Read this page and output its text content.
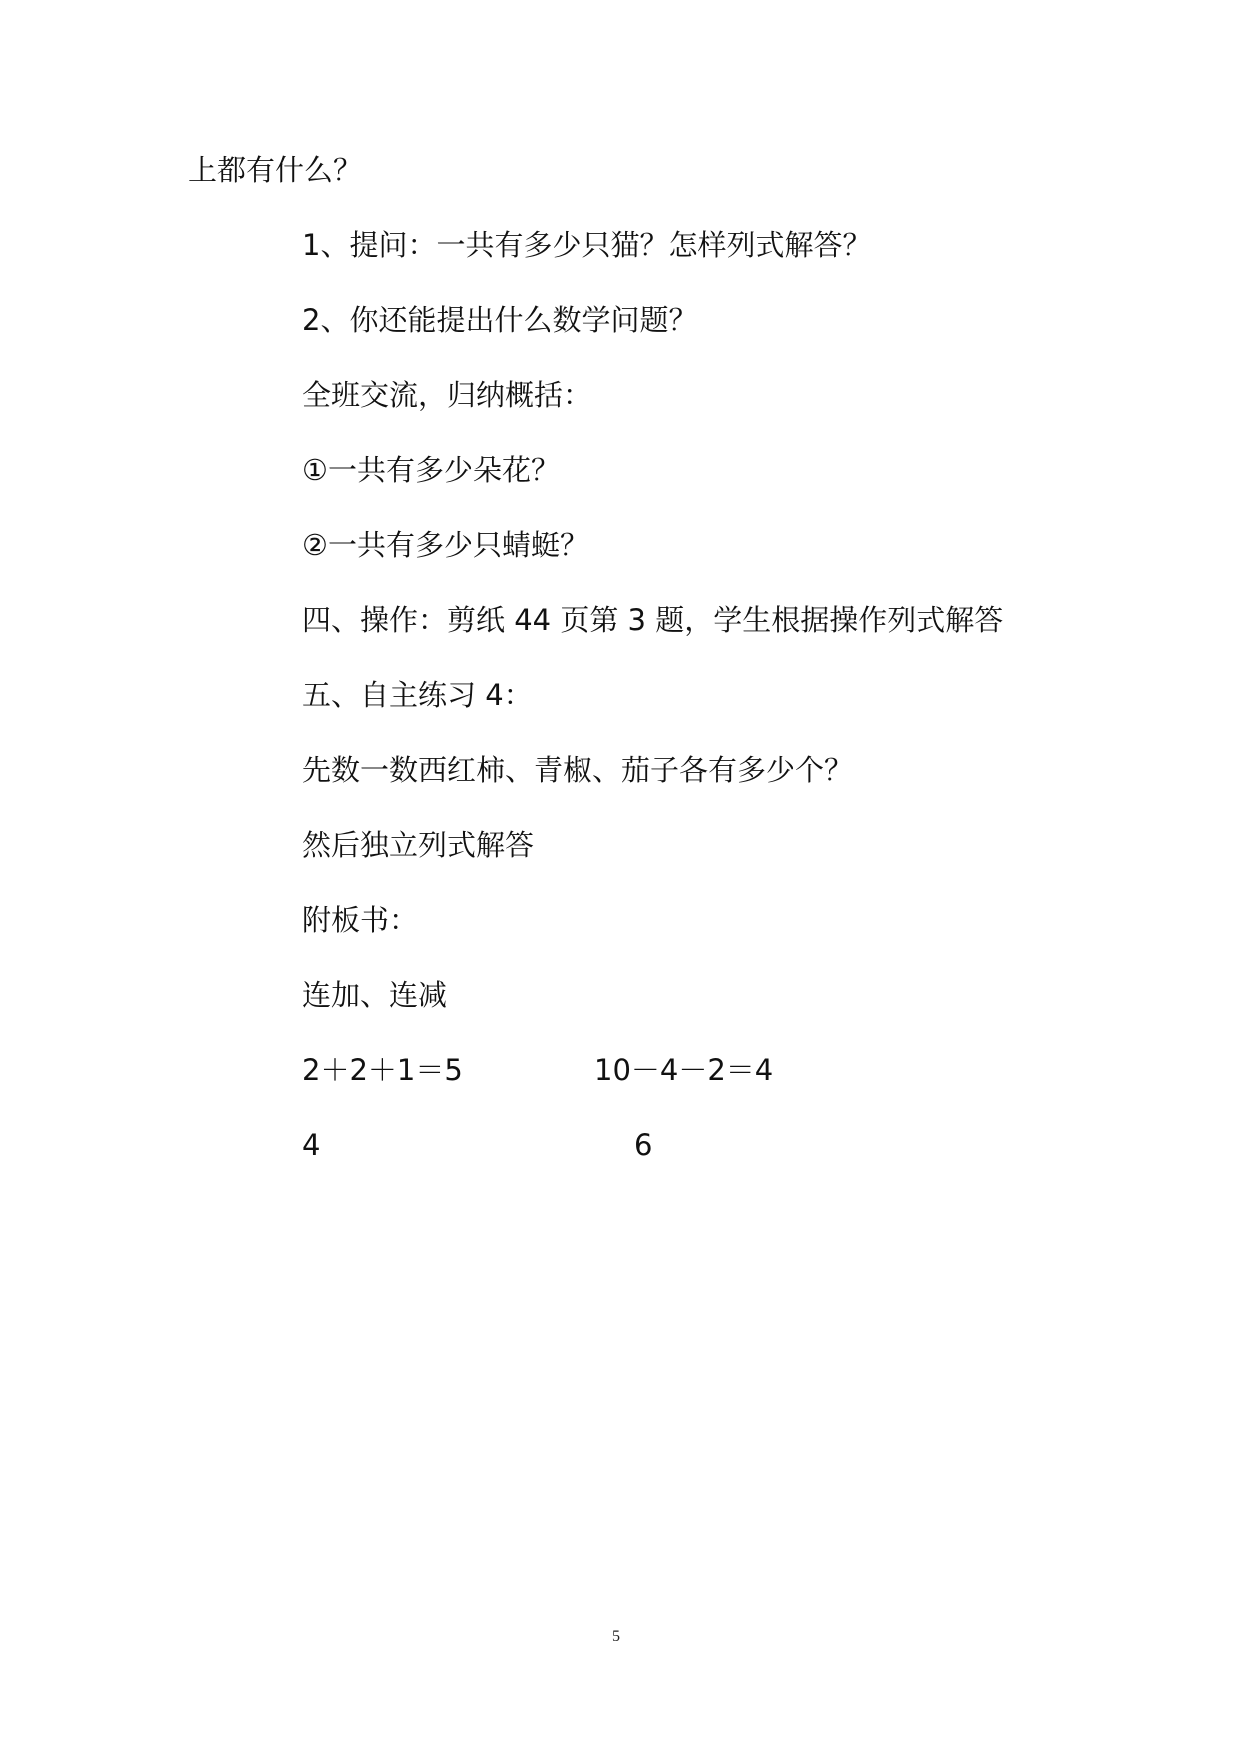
上都有什么？
1、提问：一共有多少只猫？怎样列式解答？
2、你还能提出什么数学问题？
全班交流，归纳概括：
①一共有多少朵花？
②一共有多少只蜻蜓？
四、操作：剪纸 44 页第 3 题，学生根据操作列式解答
五、自主练习 4：
先数一数西红柿、青椒、茄子各有多少个？
然后独立列式解答
附板书：
连加、连减
2＋2＋1＝5	10－4－2＝4
4	6
5
